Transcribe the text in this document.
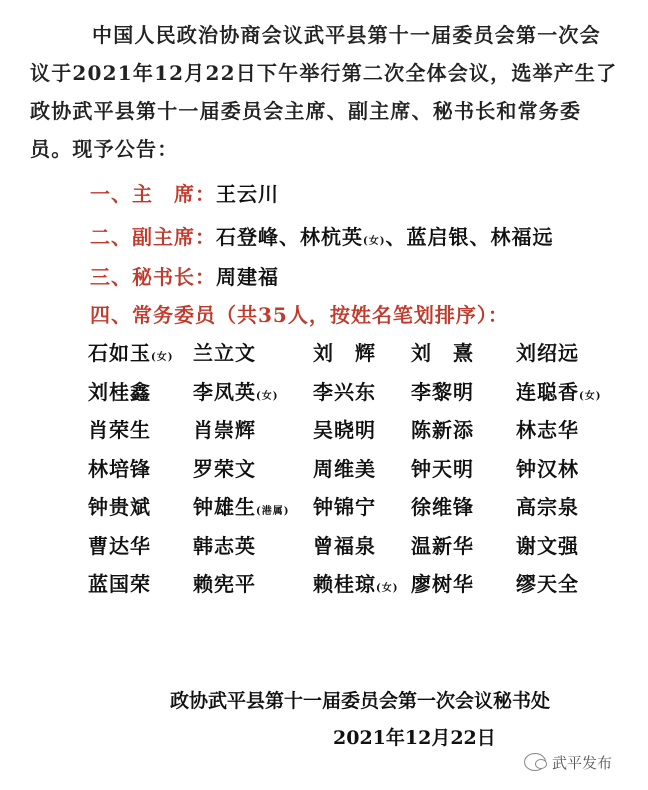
中国人民政治协商会议武平县第十一届委员会第一次会议于2021年12月22日下午举行第二次全体会议，选举产生了政协武平县第十一届委员会主席、副主席、秘书长和常务委员。现予公告：
一、主　席：王云川
二、副主席：石登峰、林杭英(女)、蓝启银、林福远
三、秘书长：周建福
四、常务委员（共35人，按姓名笔划排序）：
石如玉(女) 兰立文	刘　辉 刘　熹 刘绍远
刘桂鑫 李凤英(女) 李兴东 李黎明 连聪香(女)
肖荣生 肖崇辉	吴晓明 陈新添 林志华
林培锋 罗荣文	周维美 钟天明 钟汉林
钟贵斌 钟雄生(港属) 钟锦宁 徐维锋 高宗泉
曹达华 韩志英	曾福泉 温新华 谢文强
蓝国荣 赖宪平	赖桂琼(女) 廖树华 缪天全
政协武平县第十一届委员会第一次会议秘书处
2021年12月22日
武平发布
